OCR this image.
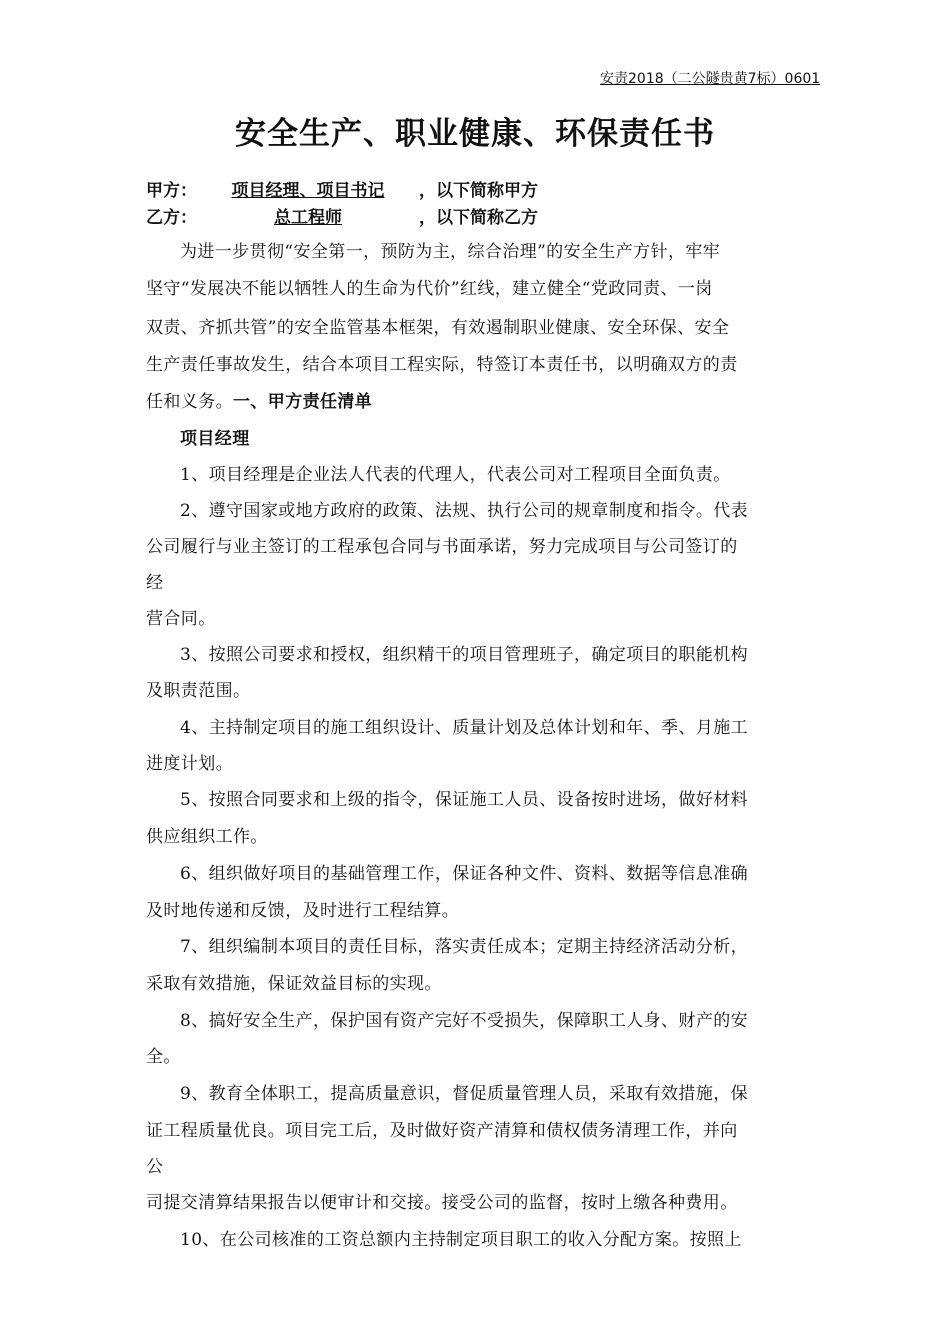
安责2018（二公隧贵黄7标）0601
安全生产、职业健康、环保责任书
甲方： 项目经理、项目书记 ，以下简称甲方
乙方：	总工程师	，以下简称乙方
为进一步贯彻“安全第一，预防为主，综合治理”的安全生产方针，牢牢
坚守“发展决不能以牺牲人的生命为代价”红线，建立健全“党政同责、一岗
双责、齐抓共管”的安全监管基本框架，有效遏制职业健康、安全环保、安全
生产责任事故发生，结合本项目工程实际，特签订本责任书，以明确双方的责
任和义务。一、甲方责任清单
项目经理
1、项目经理是企业法人代表的代理人，代表公司对工程项目全面负责。
2、遵守国家或地方政府的政策、法规、执行公司的规章制度和指令。代表
公司履行与业主签订的工程承包合同与书面承诺，努力完成项目与公司签订的
经
营合同。
3、按照公司要求和授权，组织精干的项目管理班子，确定项目的职能机构
及职责范围。
4、主持制定项目的施工组织设计、质量计划及总体计划和年、季、月施工
进度计划。
5、按照合同要求和上级的指令，保证施工人员、设备按时进场，做好材料
供应组织工作。
6、组织做好项目的基础管理工作，保证各种文件、资料、数据等信息准确
及时地传递和反馈，及时进行工程结算。
7、组织编制本项目的责任目标，落实责任成本；定期主持经济活动分析，
采取有效措施，保证效益目标的实现。
8、搞好安全生产，保护国有资产完好不受损失，保障职工人身、财产的安
全。
9、教育全体职工，提高质量意识，督促质量管理人员，采取有效措施，保
证工程质量优良。项目完工后，及时做好资产清算和债权债务清理工作，并向
公
司提交清算结果报告以便审计和交接。接受公司的监督，按时上缴各种费用。
10、在公司核准的工资总额内主持制定项目职工的收入分配方案。按照上
